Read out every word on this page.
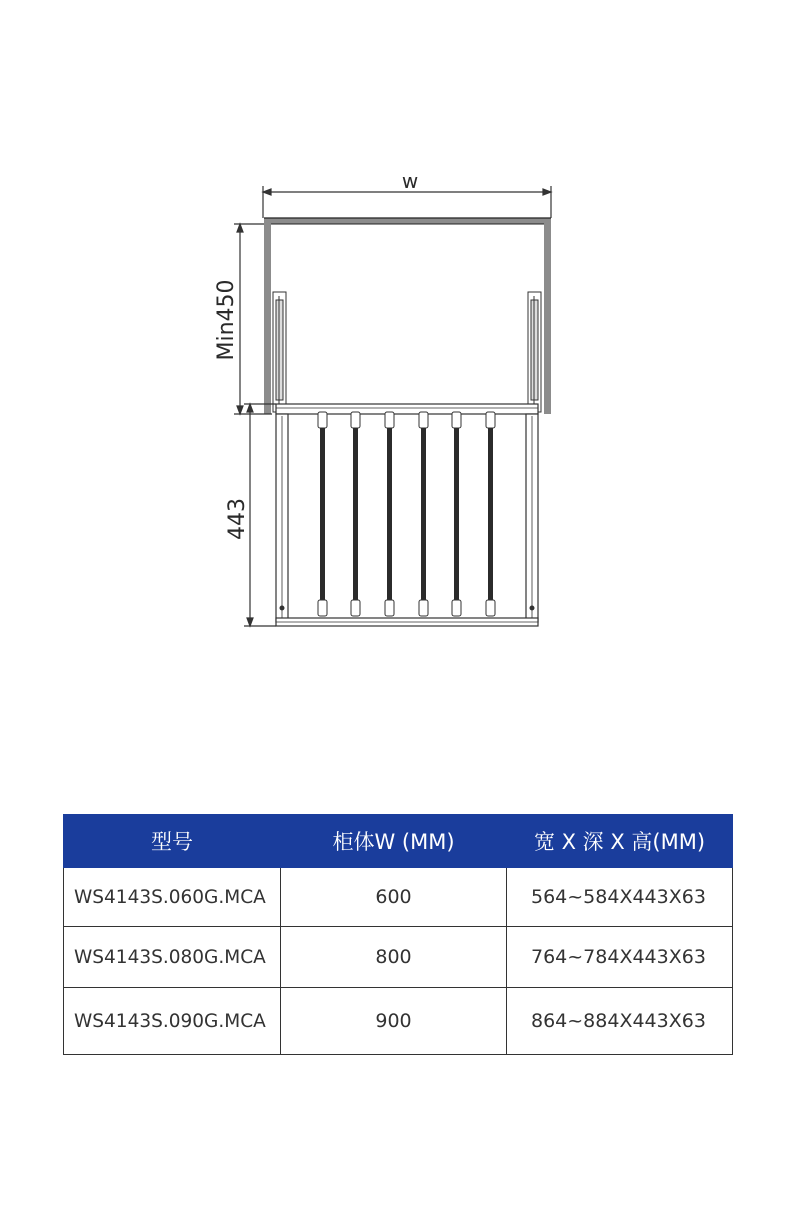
w
Min450
443
型号	柜体W (MM)	宽 X 深 X 高(MM)
WS4143S.060G.MCA	600	564~584X443X63
WS4143S.080G.MCA	800	764~784X443X63
WS4143S.090G.MCA	900	864~884X443X63
